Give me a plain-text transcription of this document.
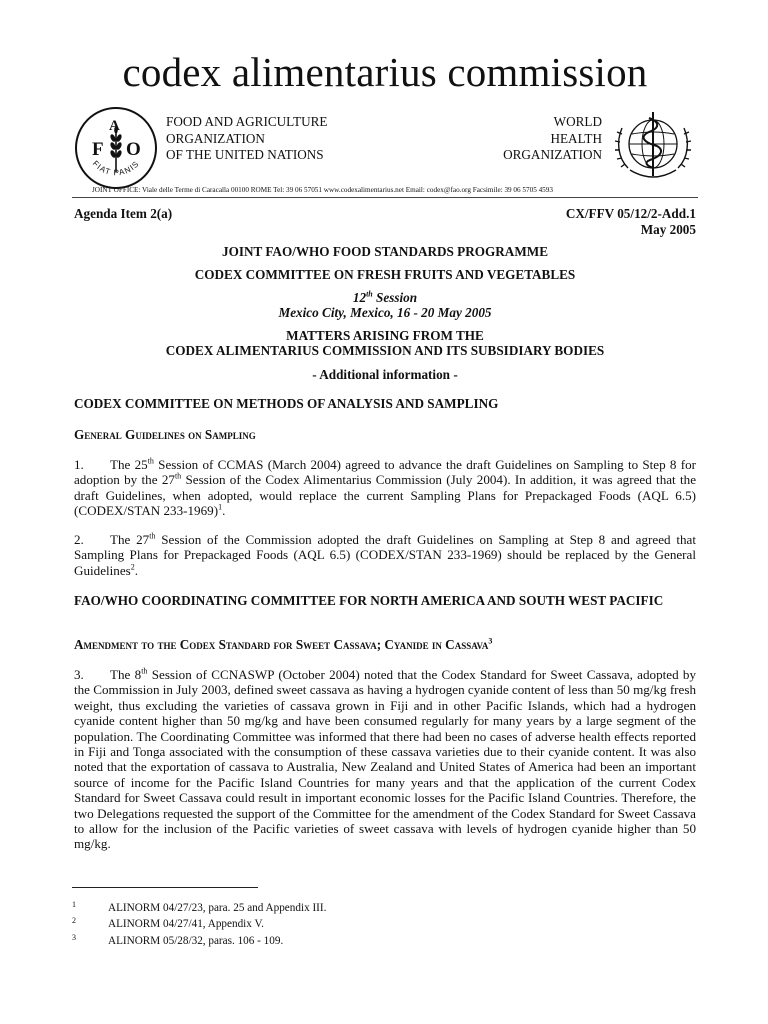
codex alimentarius commission
F
A
O
FIAT PANIS
FOOD AND AGRICULTURE
ORGANIZATION
OF THE UNITED NATIONS
WORLD
HEALTH
ORGANIZATION
JOINT OFFICE: Viale delle Terme di Caracalla 00100 ROME Tel: 39 06 57051 www.codexalimentarius.net Email: codex@fao.org Facsimile: 39 06 5705 4593
Agenda Item 2(a)	CX/FFV 05/12/2-Add.1
May 2005
JOINT FAO/WHO FOOD STANDARDS PROGRAMME
CODEX COMMITTEE ON FRESH FRUITS AND VEGETABLES
12th Session
Mexico City, Mexico, 16 - 20 May 2005
MATTERS ARISING FROM THE
CODEX ALIMENTARIUS COMMISSION AND ITS SUBSIDIARY BODIES
- Additional information -
CODEX COMMITTEE ON METHODS OF ANALYSIS AND SAMPLING
General Guidelines on Sampling
1. The 25th Session of CCMAS (March 2004) agreed to advance the draft Guidelines on Sampling to Step 8 for adoption by the 27th Session of the Codex Alimentarius Commission (July 2004). In addition, it was agreed that the draft Guidelines, when adopted, would replace the current Sampling Plans for Prepackaged Foods (AQL 6.5) (CODEX/STAN 233-1969)$^1$.
2. The 27th Session of the Commission adopted the draft Guidelines on Sampling at Step 8 and agreed that Sampling Plans for Prepackaged Foods (AQL 6.5) (CODEX/STAN 233-1969) should be replaced by the General Guidelines$^2$.
FAO/WHO COORDINATING COMMITTEE FOR NORTH AMERICA AND SOUTH WEST PACIFIC
Amendment to the Codex Standard for Sweet Cassava; Cyanide in Cassava$^3$
3. The 8th Session of CCNASWP (October 2004) noted that the Codex Standard for Sweet Cassava, adopted by the Commission in July 2003, defined sweet cassava as having a hydrogen cyanide content of less than 50 mg/kg fresh weight, thus excluding the varieties of cassava grown in Fiji and in other Pacific Islands, which had a hydrogen cyanide content higher than 50 mg/kg and have been consumed regularly for many years by a large segment of the population. The Coordinating Committee was informed that there had been no cases of adverse health effects reported in Fiji and Tonga associated with the consumption of these cassava varieties due to their cyanide content. It was also noted that the exportation of cassava to Australia, New Zealand and United States of America had been an important source of income for the Pacific Island Countries for many years and that the application of the current Codex Standard for Sweet Cassava could result in important economic losses for the Pacific Island Countries. Therefore, the two Delegations requested the support of the Committee for the amendment of the Codex Standard for Sweet Cassava to allow for the inclusion of the Pacific varieties of sweet cassava with levels of hydrogen cyanide higher than 50 mg/kg.
1	ALINORM 04/27/23, para. 25 and Appendix III.
2	ALINORM 04/27/41, Appendix V.
3	ALINORM 05/28/32, paras. 106 - 109.
